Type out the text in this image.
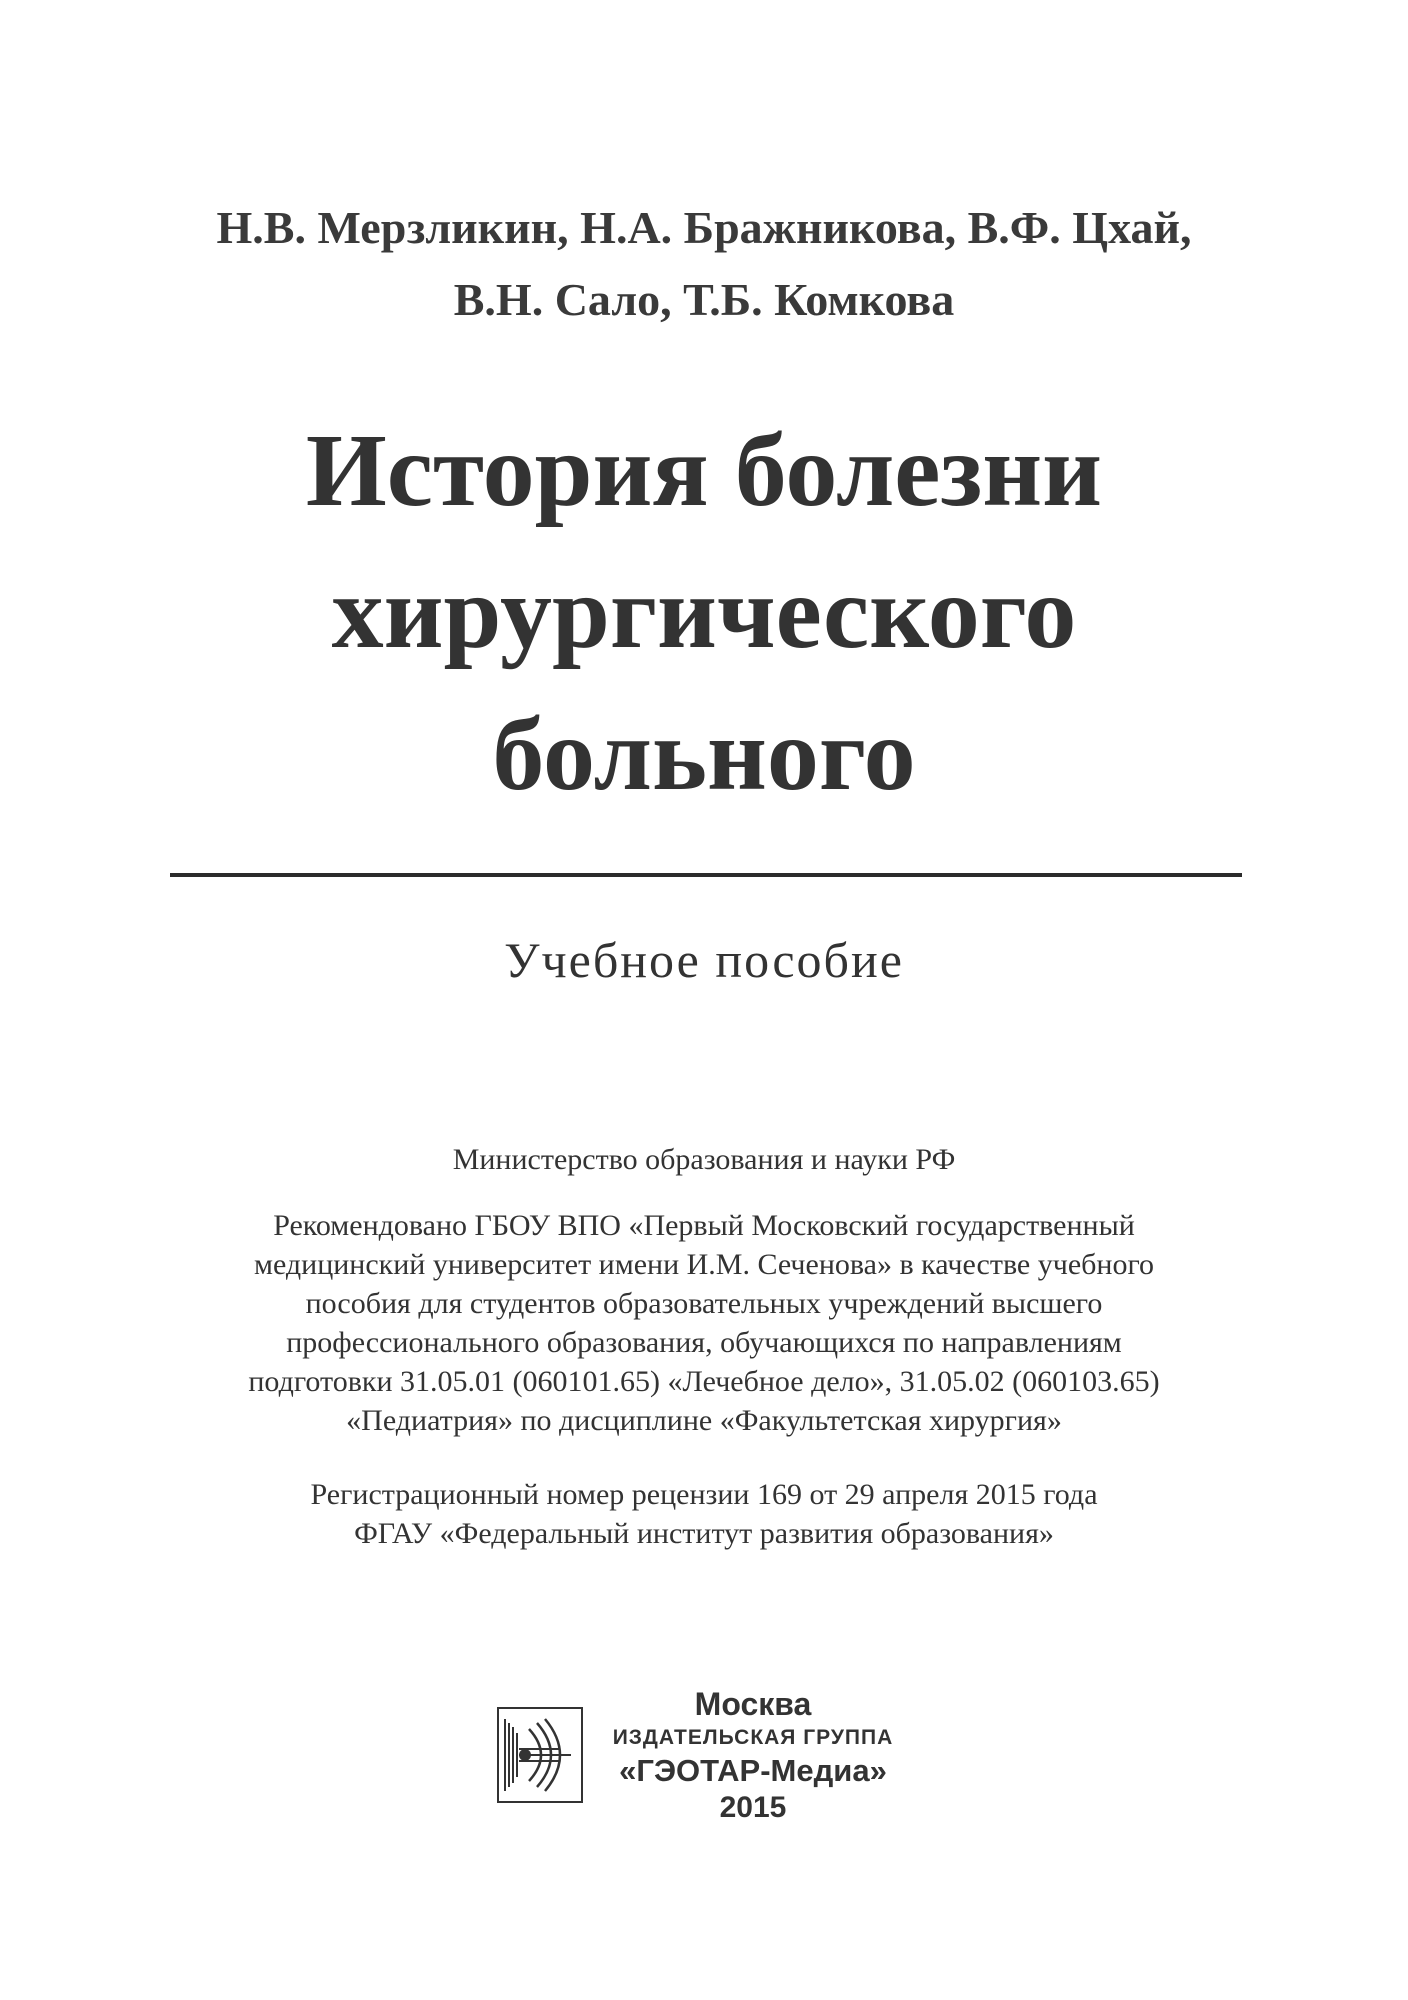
Н.В. Мерзликин, Н.А. Бражникова, В.Ф. Цхай,
В.Н. Сало, Т.Б. Комкова
История болезни
хирургического
больного
Учебное пособие
Министерство образования и науки РФ
Рекомендовано ГБОУ ВПО «Первый Московский государственный
медицинский университет имени И.М. Сеченова» в качестве учебного
пособия для студентов образовательных учреждений высшего
профессионального образования, обучающихся по направлениям
подготовки 31.05.01 (060101.65) «Лечебное дело», 31.05.02 (060103.65)
«Педиатрия» по дисциплине «Факультетская хирургия»
Регистрационный номер рецензии 169 от 29 апреля 2015 года
ФГАУ «Федеральный институт развития образования»
Москва
ИЗДАТЕЛЬСКАЯ ГРУППА
«ГЭОТАР-Медиа»
2015
